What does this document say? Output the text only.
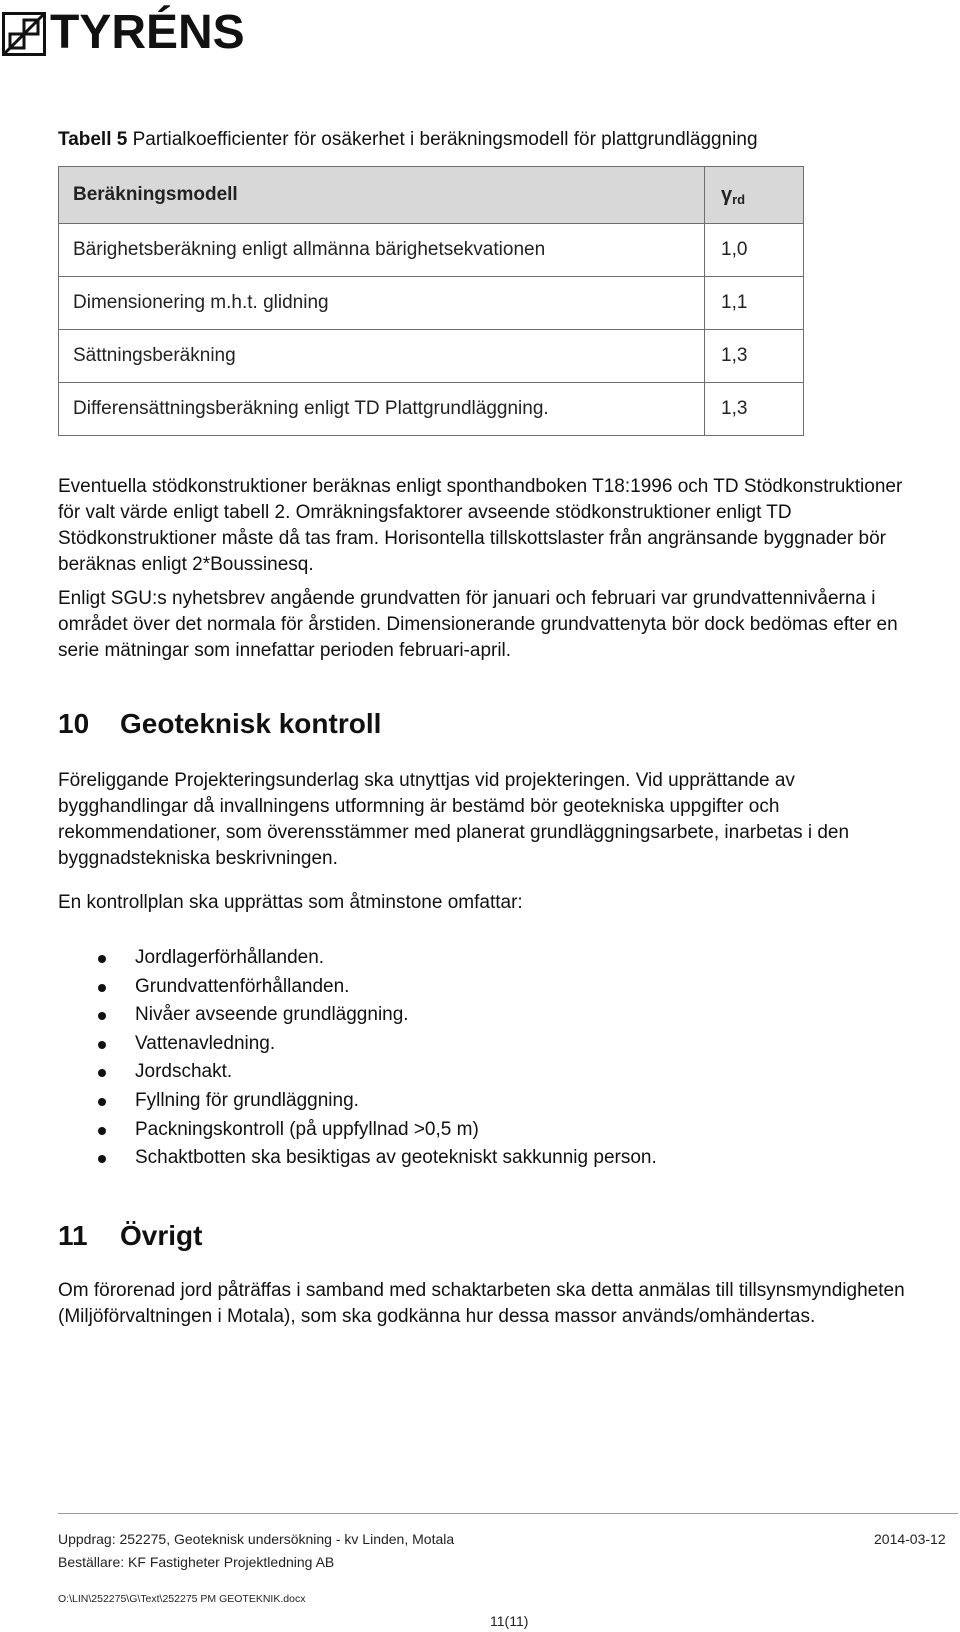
TYRÉNS
Tabell 5 Partialkoefficienter för osäkerhet i beräkningsmodell för plattgrundläggning
Beräkningsmodell	$\gamma_{rd}$
Bärighetsberäkning enligt allmänna bärighetsekvationen	1,0
Dimensionering m.h.t. glidning	1,1
Sättningsberäkning	1,3
Differensättningsberäkning enligt TD Plattgrundläggning.	1,3

Eventuella stödkonstruktioner beräknas enligt sponthandboken T18:1996 och TD Stödkonstruktioner för valt värde enligt tabell 2. Omräkningsfaktorer avseende stödkonstruktioner enligt TD Stödkonstruktioner måste då tas fram. Horisontella tillskottslaster från angränsande byggnader bör beräknas enligt 2*Boussinesq.

Enligt SGU:s nyhetsbrev angående grundvatten för januari och februari var grundvattennivåerna i området över det normala för årstiden. Dimensionerande grundvattenyta bör dock bedömas efter en serie mätningar som innefattar perioden februari-april.

10 Geoteknisk kontroll

Föreliggande Projekteringsunderlag ska utnyttjas vid projekteringen. Vid upprättande av bygghandlingar då invallningens utformning är bestämd bör geotekniska uppgifter och rekommendationer, som överensstämmer med planerat grundläggningsarbete, inarbetas i den byggnadstekniska beskrivningen.

En kontrollplan ska upprättas som åtminstone omfattar:

Jordlagerförhållanden.
Grundvattenförhållanden.
Nivåer avseende grundläggning.
Vattenavledning.
Jordschakt.
Fyllning för grundläggning.
Packningskontroll (på uppfyllnad >0,5 m)
Schaktbotten ska besiktigas av geotekniskt sakkunnig person.
11 Övrigt

Om förorenad jord påträffas i samband med schaktarbeten ska detta anmälas till tillsynsmyndigheten (Miljöförvaltningen i Motala), som ska godkänna hur dessa massor används/omhändertas.

Uppdrag: 252275, Geoteknisk undersökning - kv Linden, Motala	2014-03-12
Beställare: KF Fastigheter Projektledning AB
O:\LIN\252275\G\Text\252275 PM GEOTEKNIK.docx
11(11)
